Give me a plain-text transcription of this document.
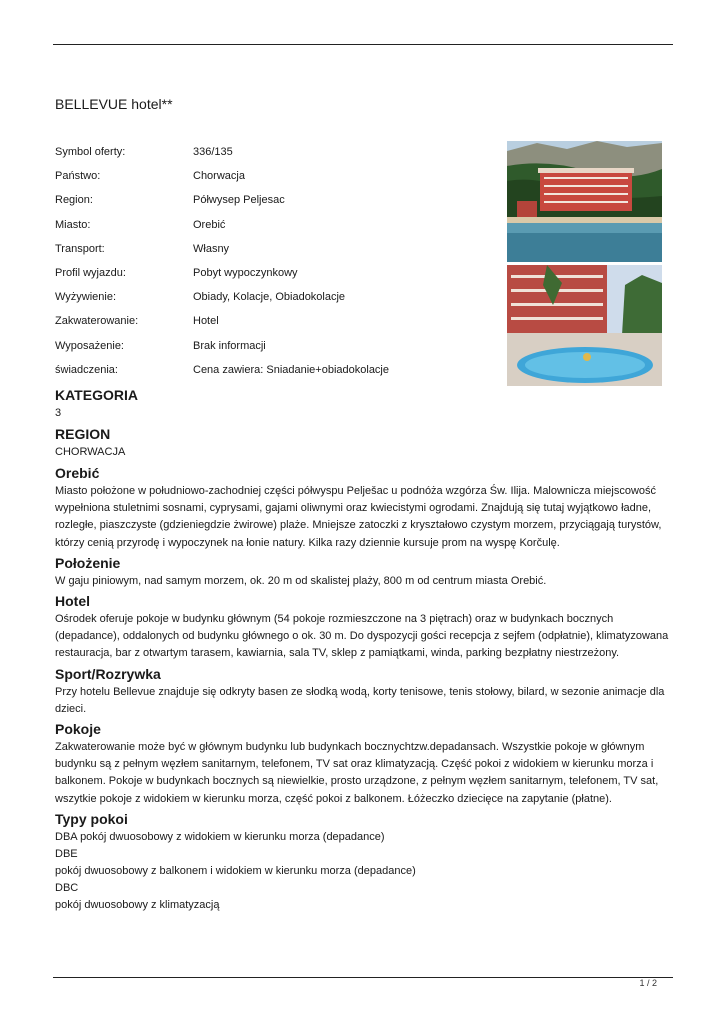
BELLEVUE hotel**
Symbol oferty:	336/135
Państwo:	Chorwacja
Region:	Półwysep Peljesac
Miasto:	Orebić
Transport:	Własny
Profil wyjazdu:	Pobyt wypoczynkowy
Wyżywienie:	Obiady, Kolacje, Obiadokolacje
Zakwaterowanie:	Hotel
Wyposażenie:	Brak informacji
świadczenia:	Cena zawiera: Sniadanie+obiadokolacje
KATEGORIA

3

REGION

CHORWACJA

Orebić

Miasto położone w południowo-zachodniej części półwyspu Pelješac u podnóża wzgórza Św. Ilija. Malownicza miejscowość wypełniona stuletnimi sosnami, cyprysami, gajami oliwnymi oraz kwiecistymi ogrodami. Znajdują się tutaj wyjątkowo ładne, rozległe, piaszczyste (gdzieniegdzie żwirowe) plaże. Mniejsze zatoczki z kryształowo czystym morzem, przyciągają turystów, którzy cenią przyrodę i wypoczynek na łonie natury. Kilka razy dziennie kursuje prom na wyspę Korčulę.

Położenie

W gaju piniowym, nad samym morzem, ok. 20 m od skalistej plaży, 800 m od centrum miasta Orebić.

Hotel

Ośrodek oferuje pokoje w budynku głównym (54 pokoje rozmieszczone na 3 piętrach) oraz w budynkach bocznych (depadance), oddalonych od budynku głównego o ok. 30 m. Do dyspozycji gości recepcja z sejfem (odpłatnie), klimatyzowana restauracja, bar z otwartym tarasem, kawiarnia, sala TV, sklep z pamiątkami, winda, parking bezpłatny niestrzeżony.

Sport/Rozrywka

Przy hotelu Bellevue znajduje się odkryty basen ze słodką wodą, korty tenisowe, tenis stołowy, bilard, w sezonie animacje dla dzieci.

Pokoje

Zakwaterowanie może być w głównym budynku lub budynkach bocznychtzw.depadansach. Wszystkie pokoje w głównym budynku są z pełnym węzłem sanitarnym, telefonem, TV sat oraz klimatyzacją. Część pokoi z widokiem w kierunku morza i balkonem. Pokoje w budynkach bocznych są niewielkie, prosto urządzone, z pełnym węzłem sanitarnym, telefonem, TV sat, wszytkie pokoje z widokiem w kierunku morza, część pokoi z balkonem. Łóżeczko dziecięce na zapytanie (płatne).

Typy pokoi

DBA pokój dwuosobowy z widokiem w kierunku morza (depadance)

DBE

pokój dwuosobowy z balkonem i widokiem w kierunku morza (depadance)

DBC

pokój dwuosobowy z klimatyzacją

1 / 2
